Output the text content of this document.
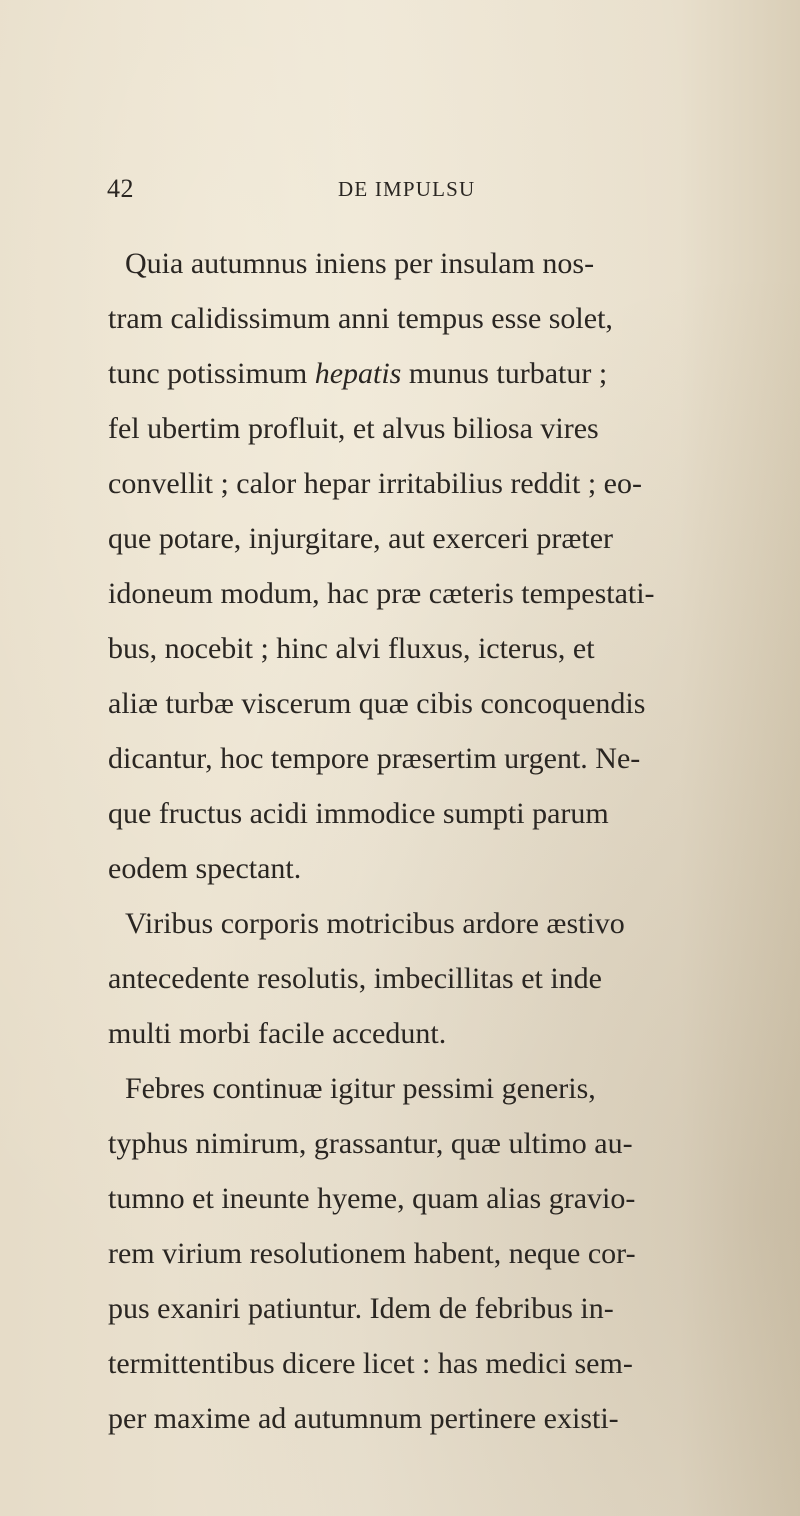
42	DE IMPULSU
Quia autumnus iniens per insulam nos-
tram calidissimum anni tempus esse solet,
tunc potissimum hepatis munus turbatur ;
fel ubertim profluit, et alvus biliosa vires
convellit ; calor hepar irritabilius reddit ; eo-
que potare, injurgitare, aut exerceri præter
idoneum modum, hac præ cæteris tempestati-
bus, nocebit ; hinc alvi fluxus, icterus, et
aliæ turbæ viscerum quæ cibis concoquendis
dicantur, hoc tempore præsertim urgent. Ne-
que fructus acidi immodice sumpti parum
eodem spectant.
Viribus corporis motricibus ardore æstivo
antecedente resolutis, imbecillitas et inde
multi morbi facile accedunt.
Febres continuæ igitur pessimi generis,
typhus nimirum, grassantur, quæ ultimo au-
tumno et ineunte hyeme, quam alias gravio-
rem virium resolutionem habent, neque cor-
pus exaniri patiuntur. Idem de febribus in-
termittentibus dicere licet : has medici sem-
per maxime ad autumnum pertinere existi-
